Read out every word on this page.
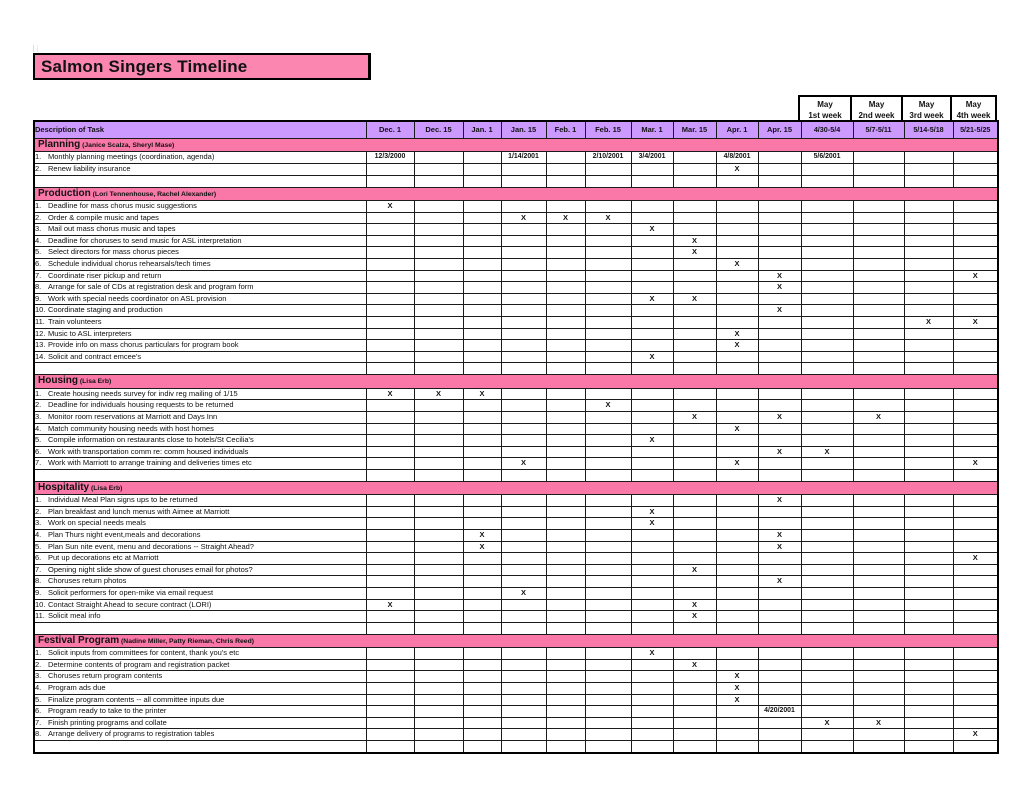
Salmon Singers Timeline
May
1st week
May
2nd week
May
3rd week
May
4th week
Description of Task	Dec. 1	Dec. 15	Jan. 1	Jan. 15	Feb. 1	Feb. 15	Mar. 1	Mar. 15	Apr. 1	Apr. 15	4/30-5/4	5/7-5/11	5/14-5/18	5/21-5/25
Planning (Janice Scalza, Sheryl Mase)														
1. Monthly planning meetings (coordination, agenda)	12/3/2000			1/14/2001		2/10/2001	3/4/2001		4/8/2001		5/6/2001			
2. Renew liability insurance									X					

Production (Lori Tennenhouse, Rachel Alexander)														
1. Deadline for mass chorus music suggestions	X													
2. Order & compile music and tapes				X	X	X								
3. Mail out mass chorus music and tapes							X							
4. Deadline for choruses to send music for ASL interpretation								X						
5. Select directors for mass chorus pieces								X						
6. Schedule individual chorus rehearsals/tech times									X					
7. Coordinate riser pickup and return										X				X
8. Arrange for sale of CDs at registration desk and program form										X				
9. Work with special needs coordinator on ASL provision							X	X						
10. Coordinate staging and production										X				
11. Train volunteers													X	X
12. Music to ASL interpreters									X					
13. Provide info on mass chorus particulars for program book									X					
14. Solicit and contract emcee's							X							

Housing (Lisa Erb)														
1. Create housing needs survey for indiv reg mailing of 1/15	X	X	X											
2. Deadline for individuals housing requests to be returned						X								
3. Monitor room reservations at Marriott and Days Inn								X		X		X		
4. Match community housing needs with host homes									X					
5. Compile information on restaurants close to hotels/St Cecilia's							X							
6. Work with transportation comm re: comm housed individuals										X	X			
7. Work with Marriott to arrange training and deliveries times etc				X					X					X

Hospitality (Lisa Erb)														
1. Individual Meal Plan signs ups to be returned										X				
2. Plan breakfast and lunch menus with Aimee at Marriott							X							
3. Work on special needs meals							X							
4. Plan Thurs night event,meals and decorations			X							X				
5. Plan Sun nite event, menu and decorations -- Straight Ahead?			X							X				
6. Put up decorations etc at Marriott														X
7. Opening night slide show of guest choruses email for photos?								X						
8. Choruses return photos										X				
9. Solicit performers for open-mike via email request				X										
10. Contact Straight Ahead to secure contract (LORI)	X							X						
11. Solicit meal info								X						

Festival Program (Nadine Miller, Patty Rieman, Chris Reed)														
1. Solicit inputs from committees for content, thank you's etc							X							
2. Determine contents of program and registration packet								X						
3. Choruses return program contents									X					
4. Program ads due									X					
5. Finalize program contents -- all committee inputs due									X					
6. Program ready to take to the printer										4/20/2001				
7. Finish printing programs and collate											X	X		
8. Arrange delivery of programs to registration tables														X
